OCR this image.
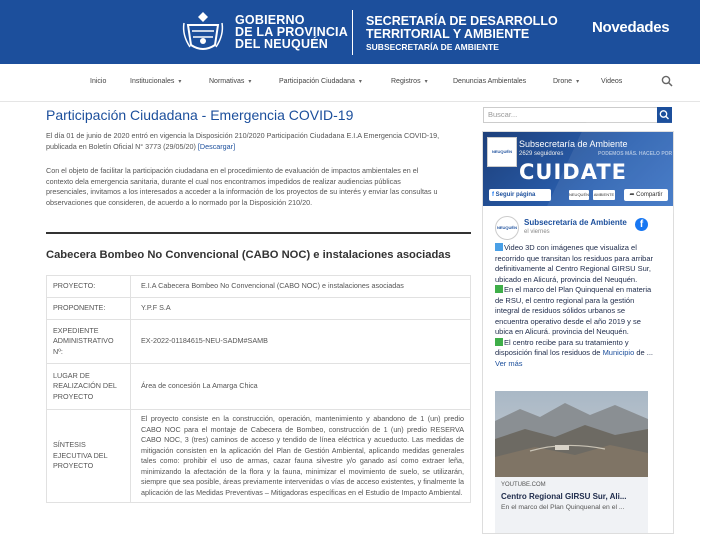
GOBIERNO
DE LA PROVINCIA
DEL NEUQUÉN
SECRETARÍA DE DESARROLLO
TERRITORIAL Y AMBIENTE
SUBSECRETARÍA DE AMBIENTE
Novedades
Inicio	Institucionales ▾	Normativas ▾	Participación Ciudadana ▾	Registros ▾	Denuncias Ambientales	Drone ▾	Videos
Participación Ciudadana - Emergencia COVID-19

El día 01 de junio de 2020 entró en vigencia la Disposición 210/2020 Participación Ciudadana E.I.A Emergencia COVID-19, publicada en Boletín Oficial N° 3773 (29/05/20) [Descargar]

Con el objeto de facilitar la participación ciudadana en el procedimiento de evaluación de impactos ambientales en el contexto dela emergencia sanitaria, durante el cual nos encontramos impedidos de realizar audiencias públicas presenciales, invitamos a los interesados a acceder a la información de los proyectos de su interés y enviar las consultas u observaciones que consideren, de acuerdo a lo normado por la Disposición 210/20.

Cabecera Bombeo No Convencional (CABO NOC) e instalaciones asociadas
PROYECTO:	E.I.A Cabecera Bombeo No Convencional (CABO NOC) e instalaciones asociadas
PROPONENTE:	Y.P.F S.A
EXPEDIENTE ADMINISTRATIVO Nº:	EX-2022-01184615-NEU-SADM#SAMB
LUGAR DE REALIZACIÓN DEL PROYECTO	Área de concesión La Amarga Chica
SÍNTESIS EJECUTIVA DEL PROYECTO	El proyecto consiste en la construcción, operación, mantenimiento y abandono de 1 (un) predio CABO NOC para el montaje de Cabecera de Bombeo, construcción de 1 (un) predio RESERVA CABO NOC, 3 (tres) caminos de acceso y tendido de línea eléctrica y acueducto. Las medidas de mitigación consisten en la aplicación del Plan de Gestión Ambiental, aplicando medidas generales tales como: prohibir el uso de armas, cazar fauna silvestre y/o ganado así como extraer leña, minimizando la afectación de la flora y la fauna, minimizar el movimiento de suelo, se utilizarán, siempre que sea posible, áreas previamente intervenidas o vías de acceso existentes, y finalmente la aplicación de las Medidas Preventivas – Mitigadoras específicas en el Estudio de Impacto Ambiental.
Buscar...
NEUQUÉN
Subsecretaría de Ambiente
2629 seguidores	PODEMOS MÁS. HACELO POR TODOS.
CUIDATE
f Seguir página	NEUQUÉN AMBIENTE	➦ Compartir
NEUQUÉN
Subsecretaría de Ambiente
el viernes
f

Video 3D con imágenes que visualiza el recorrido que transitan los residuos para arribar definitivamente al Centro Regional GIRSU Sur, ubicado en Alicurá, provincia del Neuquén.
En el marco del Plan Quinquenal en materia de RSU, el centro regional para la gestión integral de residuos sólidos urbanos se encuentra operativo desde el año 2019 y se ubica en Alicurá. provincia del Neuquén.
El centro recibe para su tratamiento y disposición final los residuos de Municipio de ... Ver más

YOUTUBE.COM
Centro Regional GIRSU Sur, Ali...
En el marco del Plan Quinquenal en el ...
